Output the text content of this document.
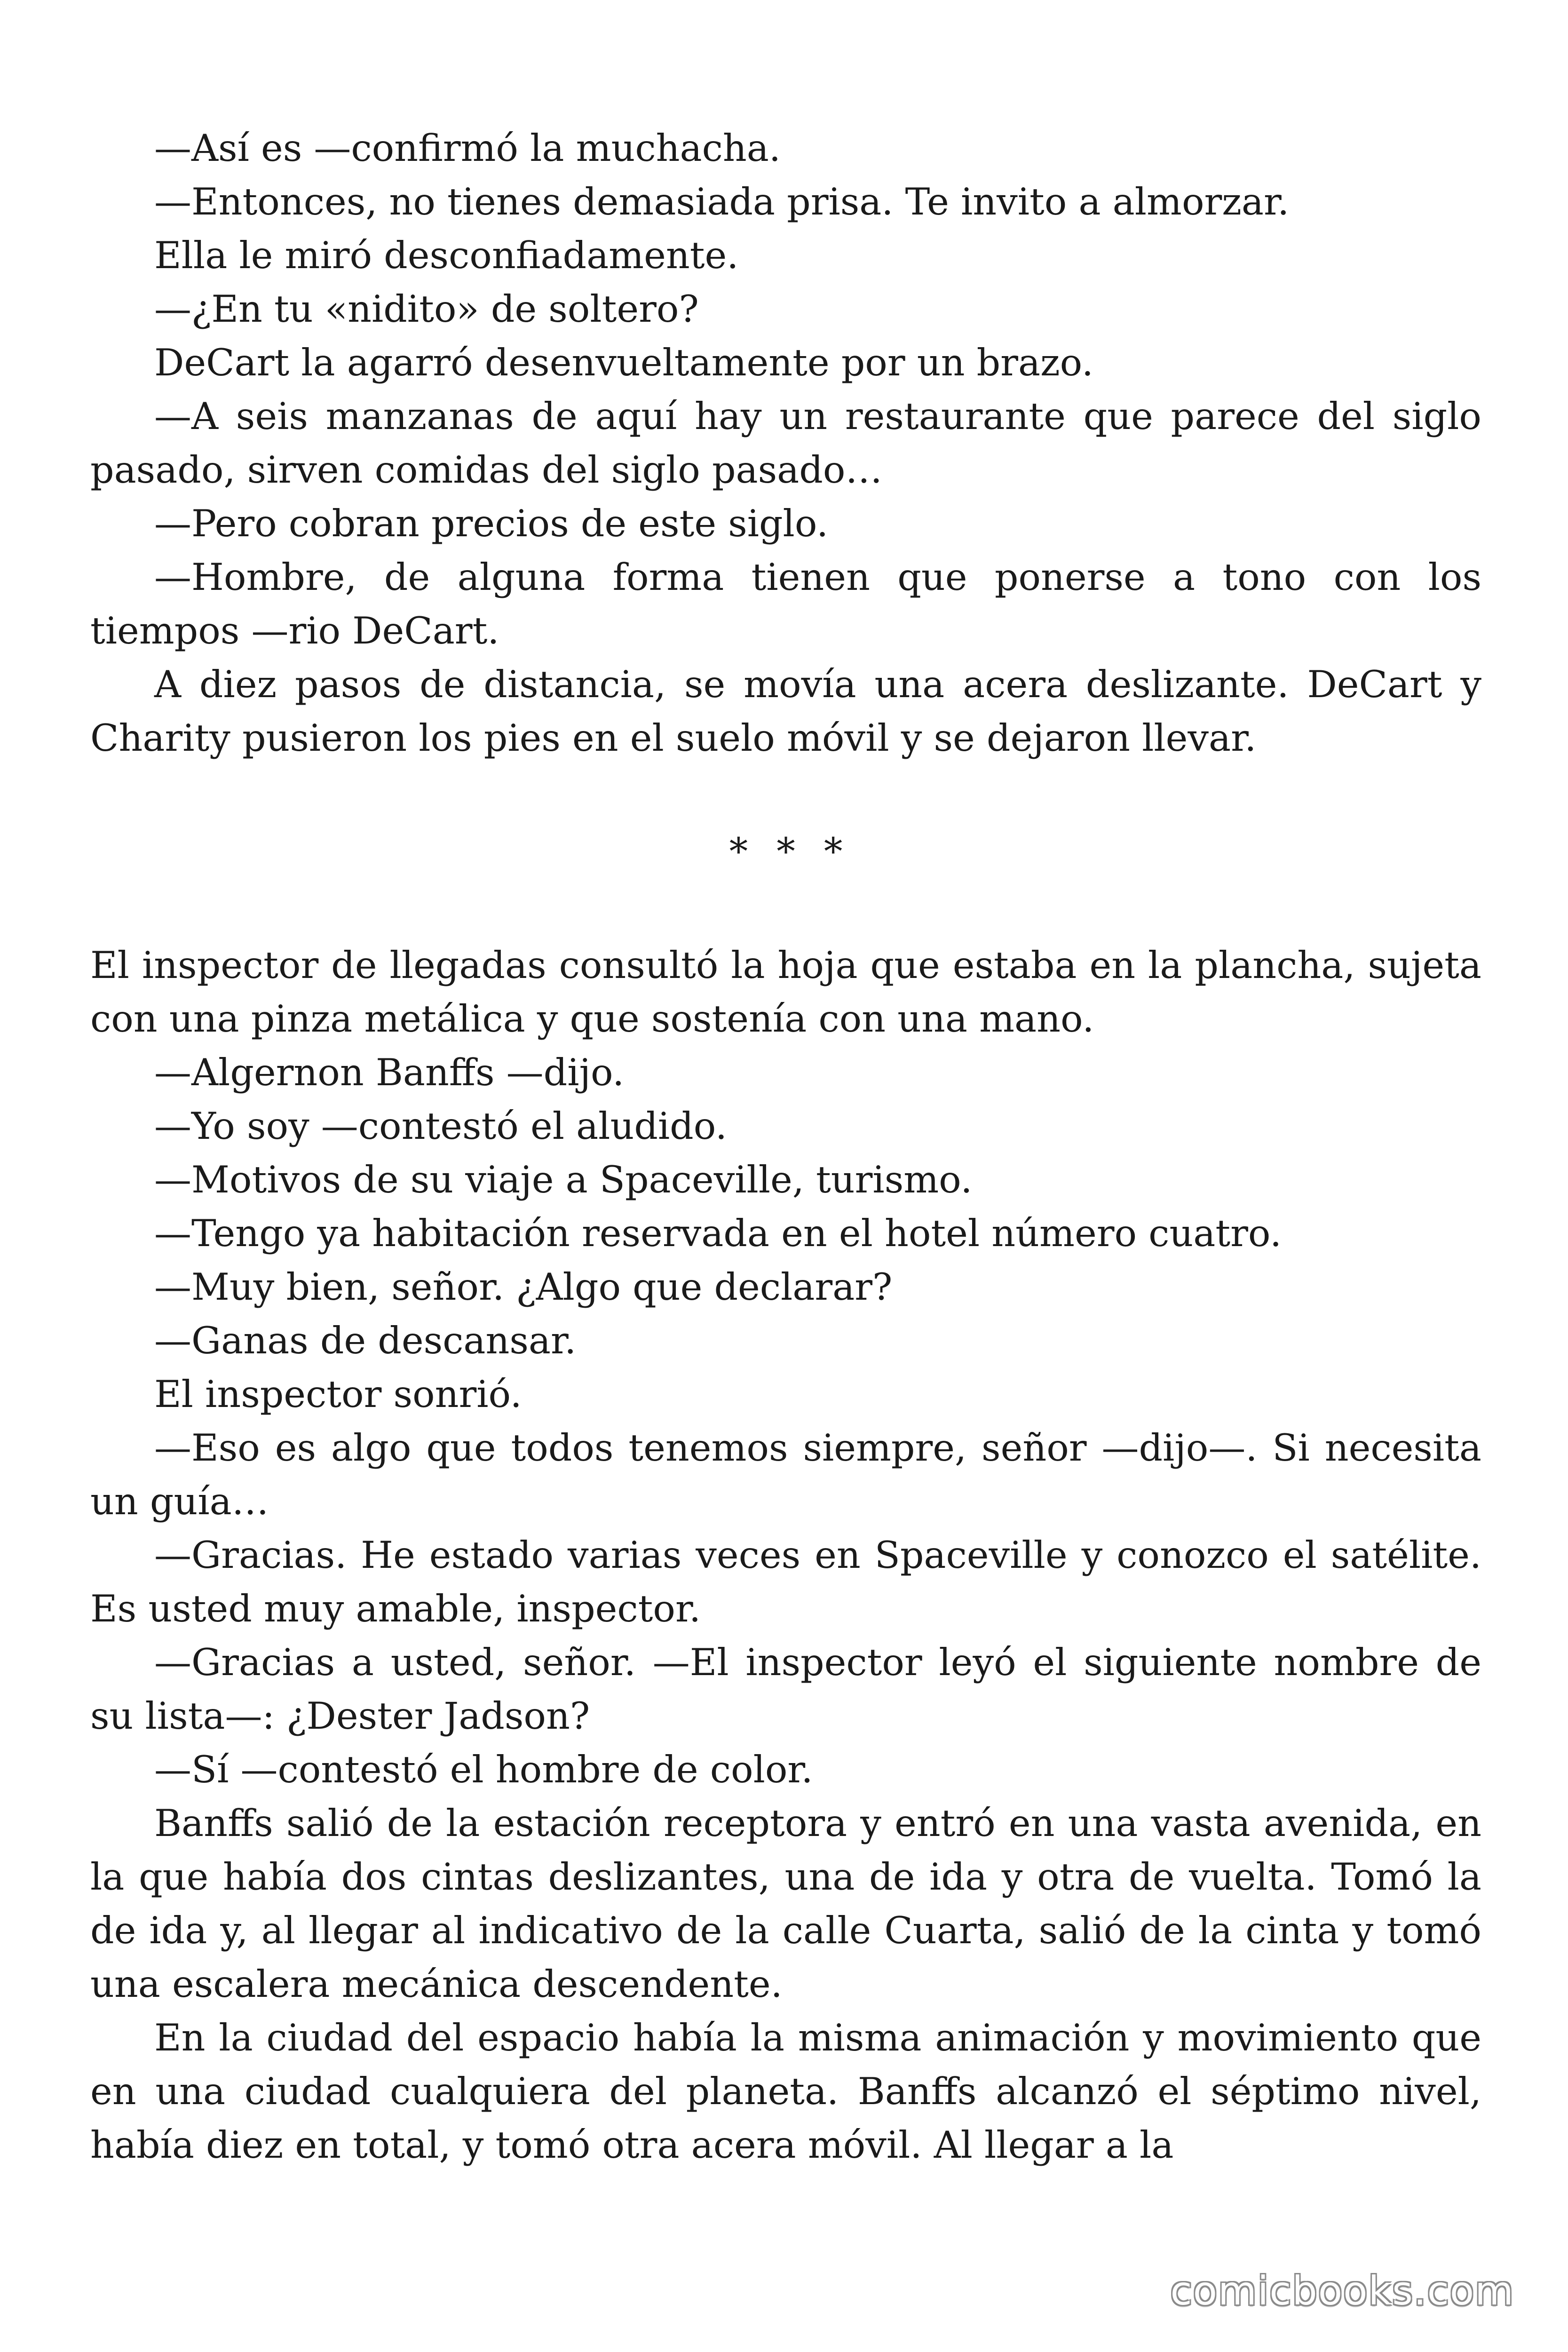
—Así es —confirmó la muchacha.

—Entonces, no tienes demasiada prisa. Te invito a almorzar.

Ella le miró desconfiadamente.

—¿En tu «nidito» de soltero?

DeCart la agarró desenvueltamente por un brazo.

—A seis manzanas de aquí hay un restaurante que parece del siglo pasado, sirven comidas del siglo pasado…

—Pero cobran precios de este siglo.

—Hombre, de alguna forma tienen que ponerse a tono con los tiempos —rio DeCart.

A diez pasos de distancia, se movía una acera deslizante. DeCart y Charity pusieron los pies en el suelo móvil y se dejaron llevar.

* * *

El inspector de llegadas consultó la hoja que estaba en la plancha, sujeta con una pinza metálica y que sostenía con una mano.

—Algernon Banffs —dijo.

—Yo soy —contestó el aludido.

—Motivos de su viaje a Spaceville, turismo.

—Tengo ya habitación reservada en el hotel número cuatro.

—Muy bien, señor. ¿Algo que declarar?

—Ganas de descansar.

El inspector sonrió.

—Eso es algo que todos tenemos siempre, señor —dijo—. Si necesita un guía…

—Gracias. He estado varias veces en Spaceville y conozco el satélite. Es usted muy amable, inspector.

—Gracias a usted, señor. —El inspector leyó el siguiente nombre de su lista—: ¿Dester Jadson?

—Sí —contestó el hombre de color.

Banffs salió de la estación receptora y entró en una vasta avenida, en la que había dos cintas deslizantes, una de ida y otra de vuelta. Tomó la de ida y, al llegar al indicativo de la calle Cuarta, salió de la cinta y tomó una escalera mecánica descendente.

En la ciudad del espacio había la misma animación y movimiento que en una ciudad cualquiera del planeta. Banffs alcanzó el séptimo nivel, había diez en total, y tomó otra acera móvil. Al llegar a la

comicbooks.com
